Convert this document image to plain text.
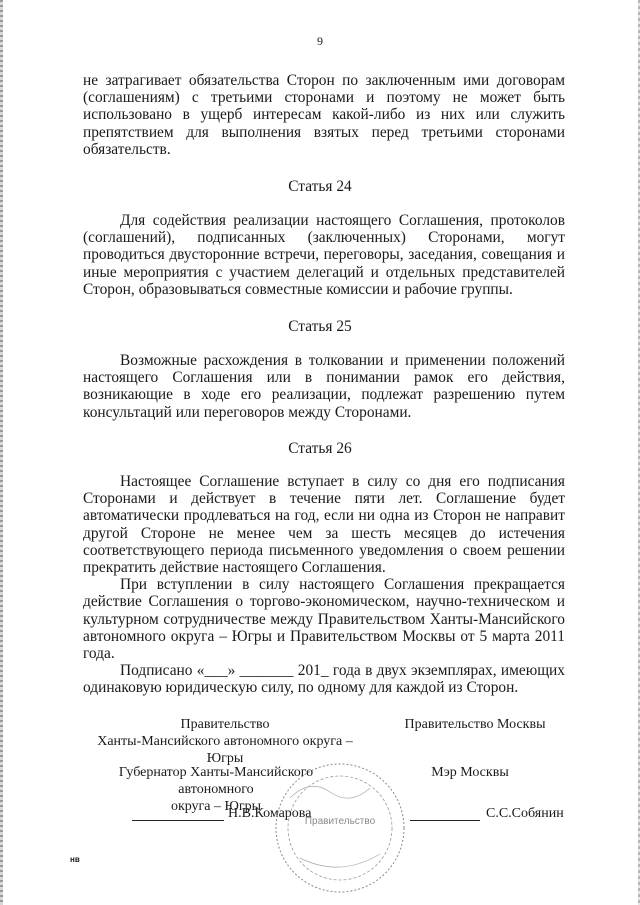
9

не затрагивает обязательства Сторон по заключенным ими договорам (соглашениям) с третьими сторонами и поэтому не может быть использовано в ущерб интересам какой-либо из них или служить препятствием для выполнения взятых перед третьими сторонами обязательств.

Статья 24

Для содействия реализации настоящего Соглашения, протоколов (соглашений), подписанных (заключенных) Сторонами, могут проводиться двусторонние встречи, переговоры, заседания, совещания и иные мероприятия с участием делегаций и отдельных представителей Сторон, образовываться совместные комиссии и рабочие группы.

Статья 25

Возможные расхождения в толковании и применении положений настоящего Соглашения или в понимании рамок его действия, возникающие в ходе его реализации, подлежат разрешению путем консультаций или переговоров между Сторонами.

Статья 26

Настоящее Соглашение вступает в силу со дня его подписания Сторонами и действует в течение пяти лет. Соглашение будет автоматически продлеваться на год, если ни одна из Сторон не направит другой Стороне не менее чем за шесть месяцев до истечения соответствующего периода письменного уведомления о своем решении прекратить действие настоящего Соглашения.

При вступлении в силу настоящего Соглашения прекращается действие Соглашения о торгово-экономическом, научно-техническом и культурном сотрудничестве между Правительством Ханты-Мансийского автономного округа – Югры и Правительством Москвы от 5 марта 2011 года.

Подписано «___» _______ 201_ года в двух экземплярах, имеющих одинаковую юридическую силу, по одному для каждой из Сторон.

Правительство
Ханты-Мансийского автономного округа – Югры
Правительство Москвы
Губернатор Ханты-Мансийского автономного
округа – Югры
Мэр Москвы
Н.В.Комарова	С.С.Собянин
Правительство
нв
